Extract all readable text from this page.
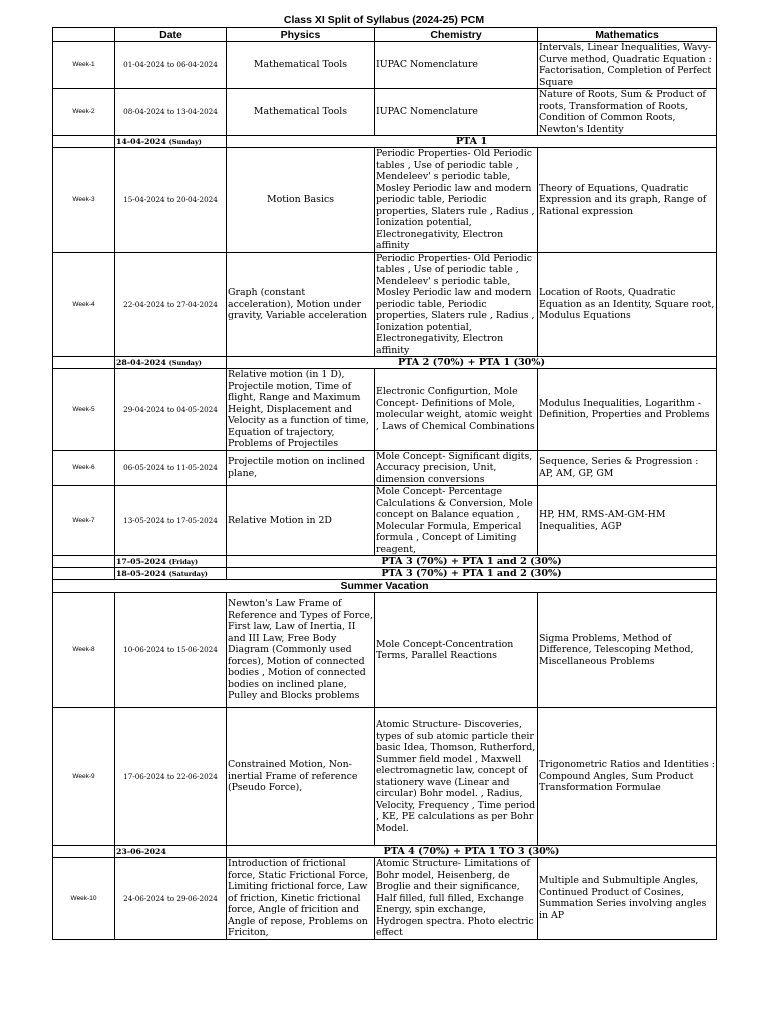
Class XI Split of Syllabus (2024-25) PCM
	Date	Physics	Chemistry	Mathematics
Week-1	01-04-2024 to 06-04-2024	Mathematical Tools	IUPAC Nomenclature	Intervals, Linear Inequalities, Wavy-Curve method, Quadratic Equation : Factorisation, Completion of Perfect Square
Week-2	08-04-2024 to 13-04-2024	Mathematical Tools	IUPAC Nomenclature	Nature of Roots, Sum & Product of roots, Transformation of Roots, Condition of Common Roots, Newton's Identity
	14-04-2024 (Sunday)	PTA 1		
Week-3	15-04-2024 to 20-04-2024	Motion Basics	Periodic Properties- Old Periodic tables , Use of periodic table , Mendeleev' s periodic table, Mosley Periodic law and modern periodic table, Periodic properties, Slaters rule , Radius , Ionization potential, Electronegativity, Electron affinity	Theory of Equations, Quadratic Expression and its graph, Range of Rational expression
Week-4	22-04-2024 to 27-04-2024	Graph (constant acceleration), Motion under gravity, Variable acceleration	Periodic Properties- Old Periodic tables , Use of periodic table , Mendeleev' s periodic table, Mosley Periodic law and modern periodic table, Periodic properties, Slaters rule , Radius , Ionization potential, Electronegativity, Electron affinity	Location of Roots, Quadratic Equation as an Identity, Square root, Modulus Equations
	28-04-2024 (Sunday)	PTA 2 (70%) + PTA 1 (30%)		
Week-5	29-04-2024 to 04-05-2024	Relative motion (in 1 D), Projectile motion, Time of flight, Range and Maximum Height, Displacement and Velocity as a function of time, Equation of trajectory, Problems of Projectiles	Electronic Configurtion, Mole Concept- Definitions of Mole, molecular weight, atomic weight , Laws of Chemical Combinations	Modulus Inequalities, Logarithm - Definition, Properties and Problems
Week-6	06-05-2024 to 11-05-2024	Projectile motion on inclined plane,	Mole Concept- Significant digits, Accuracy precision, Unit, dimension conversions	Sequence, Series & Progression : AP, AM, GP, GM
Week-7	13-05-2024 to 17-05-2024	Relative Motion in 2D	Mole Concept- Percentage Calculations & Conversion, Mole concept on Balance equation , Molecular Formula, Emperical formula , Concept of Limiting reagent,	HP, HM, RMS-AM-GM-HM Inequalities, AGP
	17-05-2024 (Friday)	PTA 3 (70%) + PTA 1 and 2 (30%)		
	18-05-2024 (Saturday)	PTA 3 (70%) + PTA 1 and 2 (30%)		
Summer Vacation				
Week-8	10-06-2024 to 15-06-2024	Newton's Law Frame of Reference and Types of Force, First law, Law of Inertia, II and III Law, Free Body Diagram (Commonly used forces), Motion of connected bodies , Motion of connected bodies on inclined plane, Pulley and Blocks problems	Mole Concept-Concentration Terms, Parallel Reactions	Sigma Problems, Method of Difference, Telescoping Method, Miscellaneous Problems
Week-9	17-06-2024 to 22-06-2024	Constrained Motion, Non-inertial Frame of reference (Pseudo Force),	Atomic Structure- Discoveries, types of sub atomic particle their basic Idea, Thomson, Rutherford, Summer field model , Maxwell electromagnetic law, concept of stationery wave (Linear and circular) Bohr model. , Radius, Velocity, Frequency , Time period , KE, PE calculations as per Bohr Model.	Trigonometric Ratios and Identities : Compound Angles, Sum Product Transformation Formulae
	23-06-2024	PTA 4 (70%) + PTA 1 TO 3 (30%)		
Week-10	24-06-2024 to 29-06-2024	Introduction of frictional force, Static Frictional Force, Limiting frictional force, Law of friction, Kinetic frictional force, Angle of fricition and Angle of repose, Problems on Friciton,	Atomic Structure- Limitations of Bohr model, Heisenberg, de Broglie and their significance, Half filled, full filled, Exchange Energy, spin exchange, Hydrogen spectra. Photo electric effect	Multiple and Submultiple Angles, Continued Product of Cosines, Summation Series involving angles in AP
